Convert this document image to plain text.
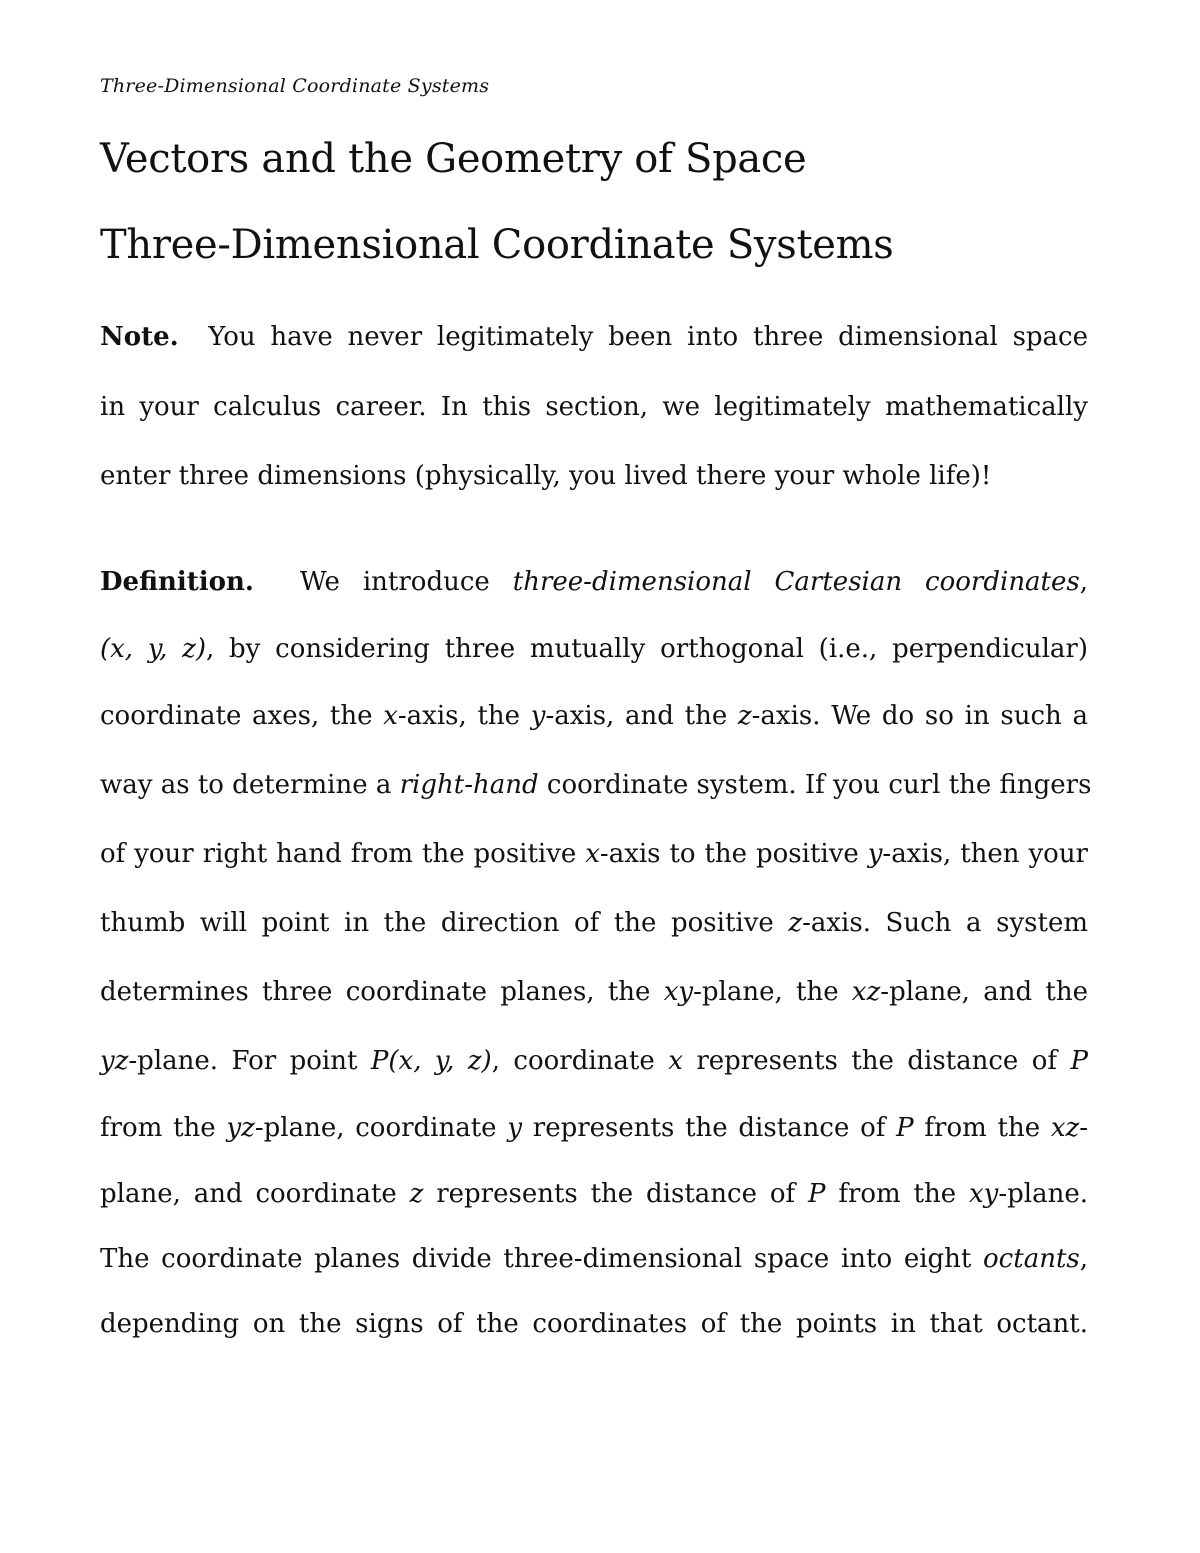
Three-Dimensional Coordinate Systems
Vectors and the Geometry of Space
Three-Dimensional Coordinate Systems
Note. You have never legitimately been into three dimensional space
in your calculus career. In this section, we legitimately mathematically
enter three dimensions (physically, you lived there your whole life)!
Definition. We introduce three-dimensional Cartesian coordinates,
(x, y, z), by considering three mutually orthogonal (i.e., perpendicular)
coordinate axes, the x-axis, the y-axis, and the z-axis. We do so in such a
way as to determine a right-hand coordinate system. If you curl the fingers
of your right hand from the positive x-axis to the positive y-axis, then your
thumb will point in the direction of the positive z-axis. Such a system
determines three coordinate planes, the xy-plane, the xz-plane, and the
yz-plane. For point P(x, y, z), coordinate x represents the distance of P
from the yz-plane, coordinate y represents the distance of P from the xz-
plane, and coordinate z represents the distance of P from the xy-plane.
The coordinate planes divide three-dimensional space into eight octants,
depending on the signs of the coordinates of the points in that octant.
